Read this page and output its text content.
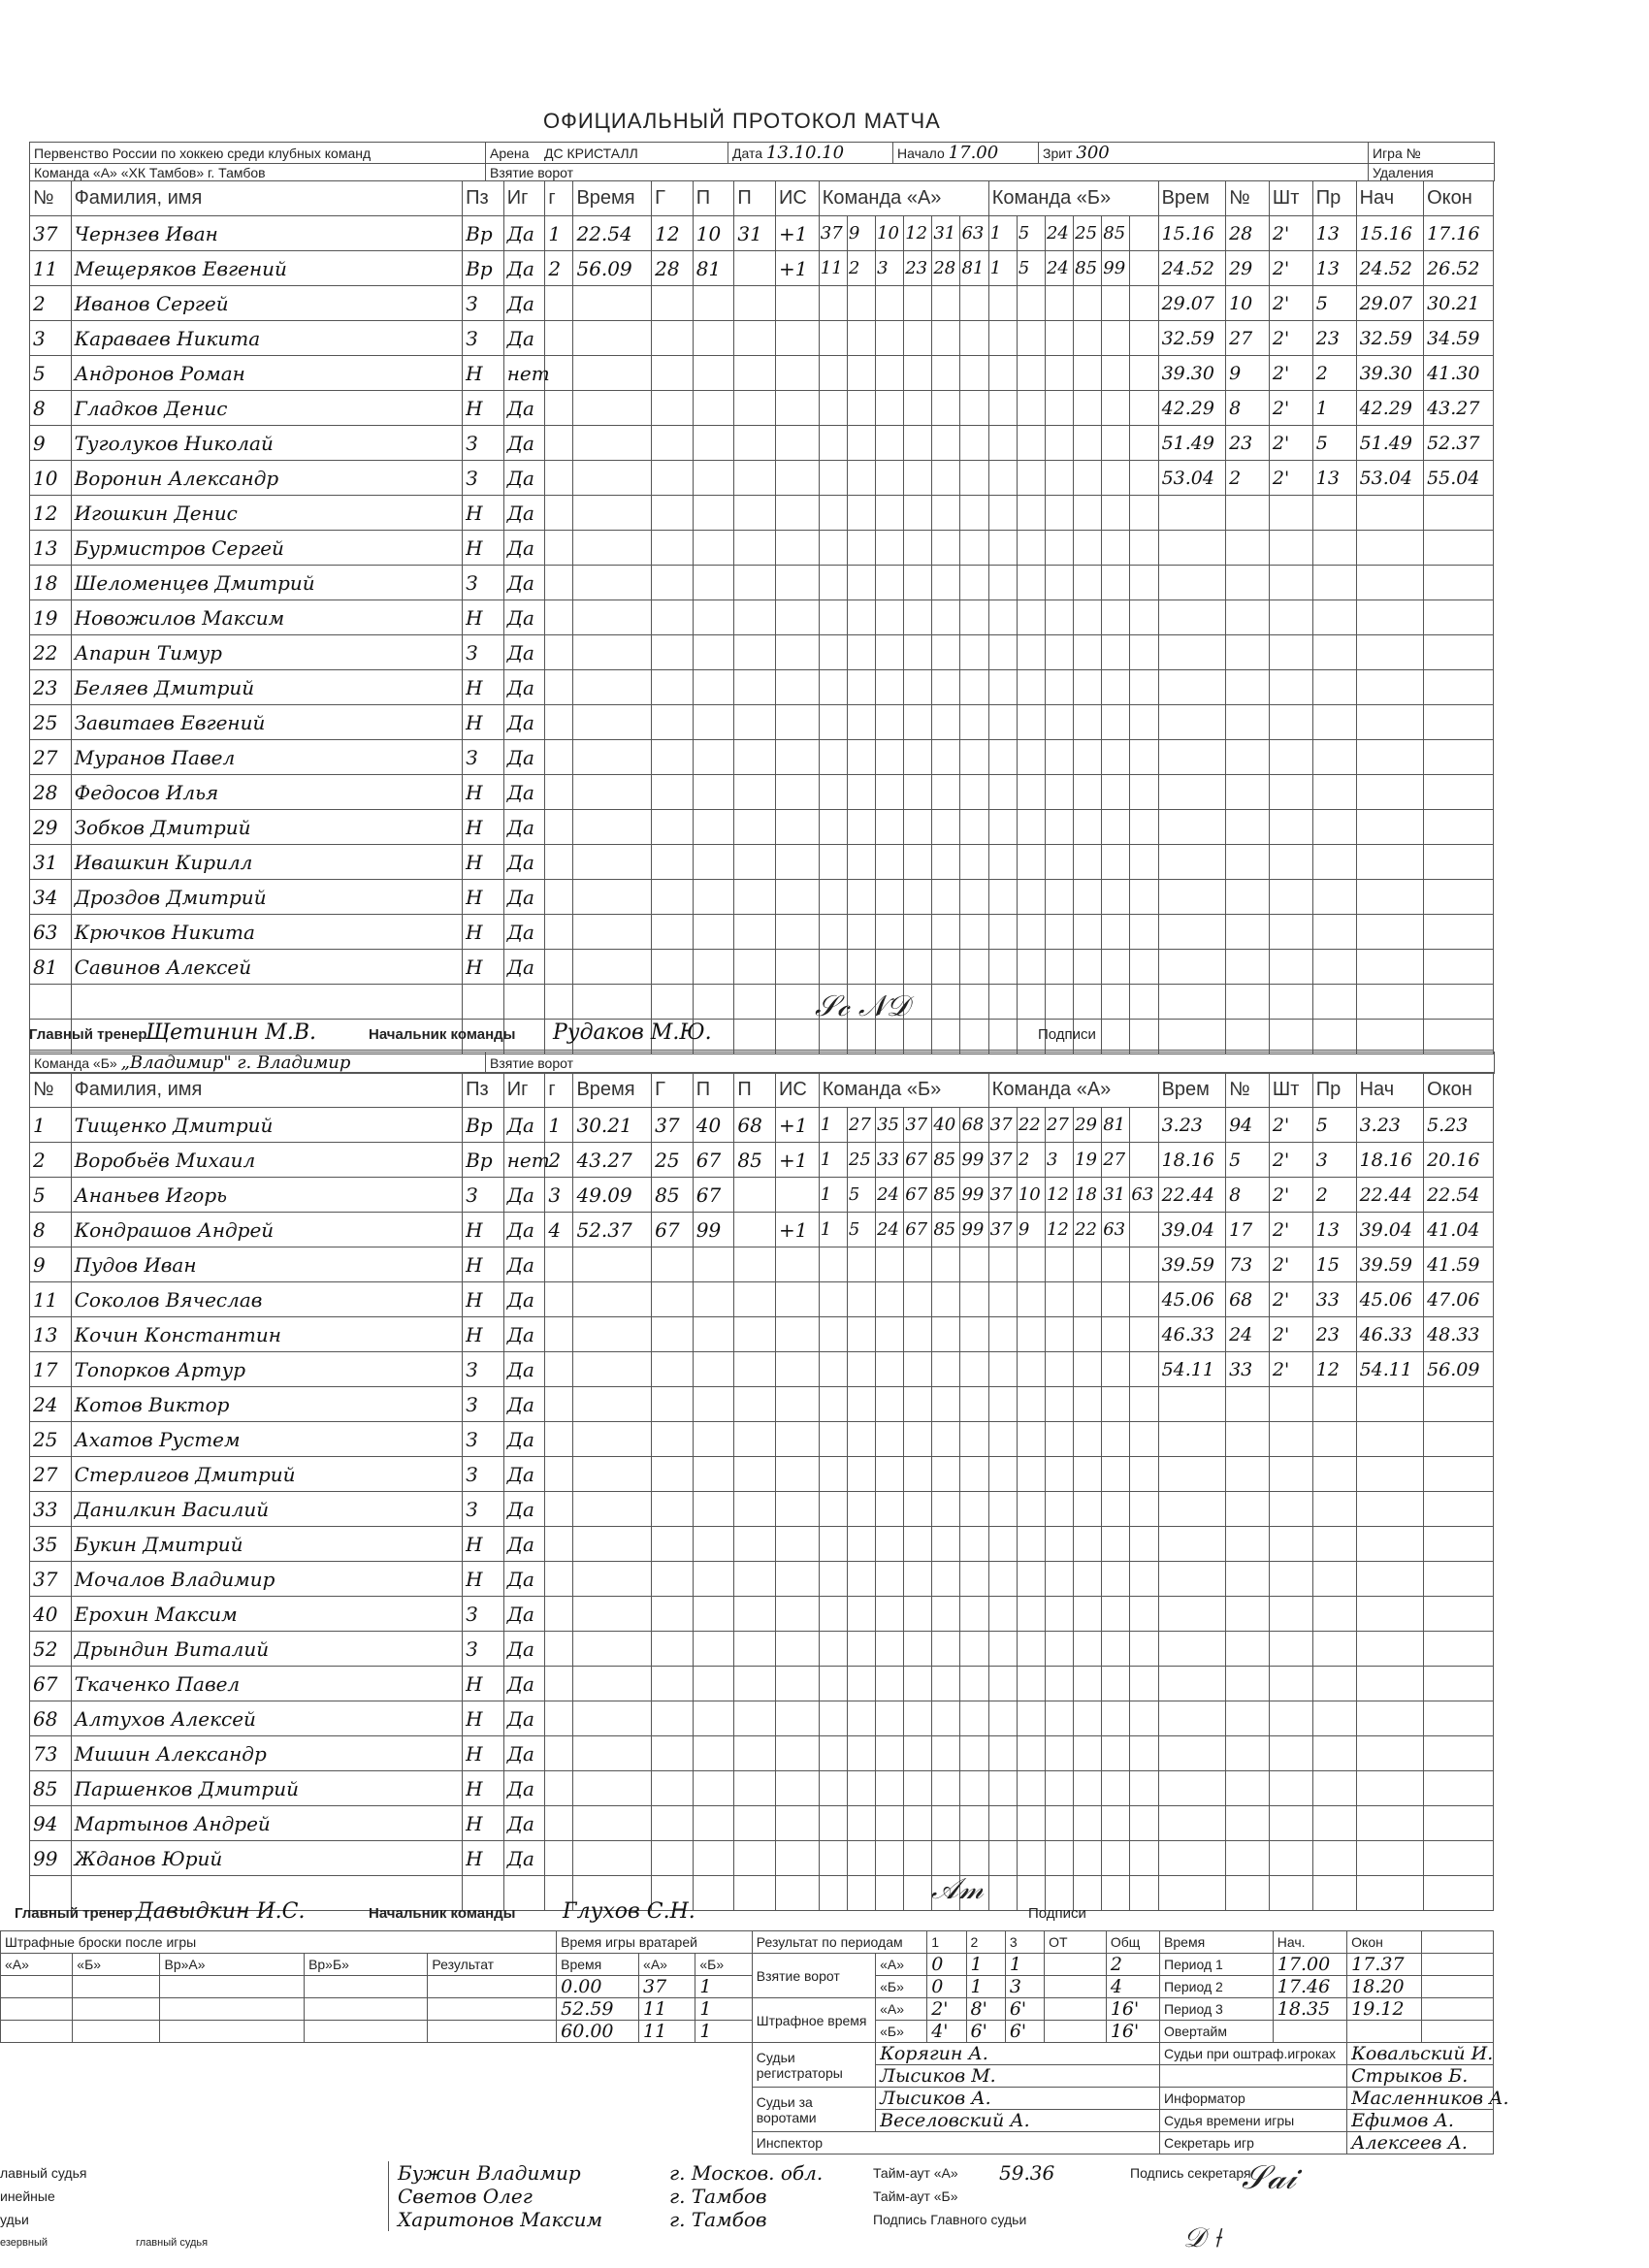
ОФИЦИАЛЬНЫЙ ПРОТОКОЛ МАТЧА
Первенство России по хоккею среди клубных команд	Арена ДС КРИСТАЛЛ	Дата 13.10.10	Начало 17.00	Зрит 300	Игра №
Команда «А» «ХК Тамбов» г. Тамбов	Взятие ворот				Удаления
№	Фамилия, имя	Пз	Иг	г	Время	Г	П	П	ИС	Команда «А»						Команда «Б»						Врем	№	Шт	Пр	Нач	Окон
37	Чернзев Иван	Вр	Да	1	22.54	12	10	31	+1	37	9	10	12	31	63	1	5	24	25	85		15.16	28	2'	13	15.16	17.16
11	Мещеряков Евгений	Вр	Да	2	56.09	28	81		+1	11	2	3	23	28	81	1	5	24	85	99		24.52	29	2'	13	24.52	26.52
2	Иванов Сергей	З	Да																			29.07	10	2'	5	29.07	30.21
3	Караваев Никита	З	Да																			32.59	27	2'	23	32.59	34.59
5	Андронов Роман	Н	нет																			39.30	9	2'	2	39.30	41.30
8	Гладков Денис	Н	Да																			42.29	8	2'	1	42.29	43.27
9	Туголуков Николай	З	Да																			51.49	23	2'	5	51.49	52.37
10	Воронин Александр	З	Да																			53.04	2	2'	13	53.04	55.04
12	Игошкин Денис	Н	Да																								
13	Бурмистров Сергей	Н	Да																								
18	Шеломенцев Дмитрий	З	Да																								
19	Новожилов Максим	Н	Да																								
22	Апарин Тимур	З	Да																								
23	Беляев Дмитрий	Н	Да																								
25	Завитаев Евгений	Н	Да																								
27	Муранов Павел	З	Да																								
28	Федосов Илья	Н	Да																								
29	Зобков Дмитрий	Н	Да																								
31	Ивашкин Кирилл	Н	Да																								
34	Дроздов Дмитрий	Н	Да																								
63	Крючков Никита	Н	Да																								
81	Савинов Алексей	Н	Да																								

Главный тренер
Щетинин М.В.	Начальник команды Рудаков М.Ю.	Подписи
𝒮𝒸 𝒩𝒟
Команда «Б» „Владимир" г. Владимир	Взятие ворот
№	Фамилия, имя	Пз	Иг	г	Время	Г	П	П	ИС	Команда «Б»						Команда «А»						Врем	№	Шт	Пр	Нач	Окон
1	Тищенко Дмитрий	Вр	Да	1	30.21	37	40	68	+1	1	27	35	37	40	68	37	22	27	29	81		3.23	94	2'	5	3.23	5.23
2	Воробьёв Михаил	Вр	нет	2	43.27	25	67	85	+1	1	25	33	67	85	99	37	2	3	19	27		18.16	5	2'	3	18.16	20.16
5	Ананьев Игорь	З	Да	3	49.09	85	67			1	5	24	67	85	99	37	10	12	18	31	63	22.44	8	2'	2	22.44	22.54
8	Кондрашов Андрей	Н	Да	4	52.37	67	99		+1	1	5	24	67	85	99	37	9	12	22	63		39.04	17	2'	13	39.04	41.04
9	Пудов Иван	Н	Да																			39.59	73	2'	15	39.59	41.59
11	Соколов Вячеслав	Н	Да																			45.06	68	2'	33	45.06	47.06
13	Кочин Константин	Н	Да																			46.33	24	2'	23	46.33	48.33
17	Топорков Артур	З	Да																			54.11	33	2'	12	54.11	56.09
24	Котов Виктор	З	Да																								
25	Ахатов Рустем	З	Да																								
27	Стерлигов Дмитрий	З	Да																								
33	Данилкин Василий	З	Да																								
35	Букин Дмитрий	Н	Да																								
37	Мочалов Владимир	Н	Да																								
40	Ерохин Максим	З	Да																								
52	Дрындин Виталий	З	Да																								
67	Ткаченко Павел	Н	Да																								
68	Алтухов Алексей	Н	Да																								
73	Мишин Александр	Н	Да																								
85	Паршенков Дмитрий	Н	Да																								
94	Мартынов Андрей	Н	Да																								
99	Жданов Юрий	Н	Да																								

Главный тренер Давыдкин И.С.	Начальник команды Глухов С.Н.	Подписи
𝒜𝓂
Штрафные броски после игры					Время игры вратарей			Результат по периодам		1	2	3	ОТ	Общ	Время	Нач.	Окон	
«А»	«Б»	Вр»А»	Вр»Б»	Результат	Время	«А»	«Б»	Взятие ворот	«А»	0	1	1		2	Период 1	17.00	17.37	
					0.00	37	1		«Б»	0	1	3		4	Период 2	17.46	18.20	
					52.59	11	1	Штрафное время	«А»	2'	8'	6'		16'	Период 3	18.35	19.12	
					60.00	11	1		«Б»	4'	6'	6'		16'	Овертайм			
								Судьи регистраторы	Корягин А.						Судьи при оштраф.игроках		Ковальский И.	
									Лысиков М.								Стрыков Б.	
								Судьи за воротами	Лысиков А.						Информатор		Масленников А.	
									Веселовский А.						Судья времени игры		Ефимов А.	
								Инспектор							Секретарь игр		Алексеев А.	
лавный судья	Бужин Владимир	г. Москов. обл.	Тайм-аут «А» 59.36	Подпись секретаря
инейные	Светов Олег	г. Тамбов	Тайм-аут «Б»
удьи	Харитонов Максим	г. Тамбов	Подпись Главного судьи
езервный	главный судья
𝒮𝒶𝒾
𝒟 ⟊
